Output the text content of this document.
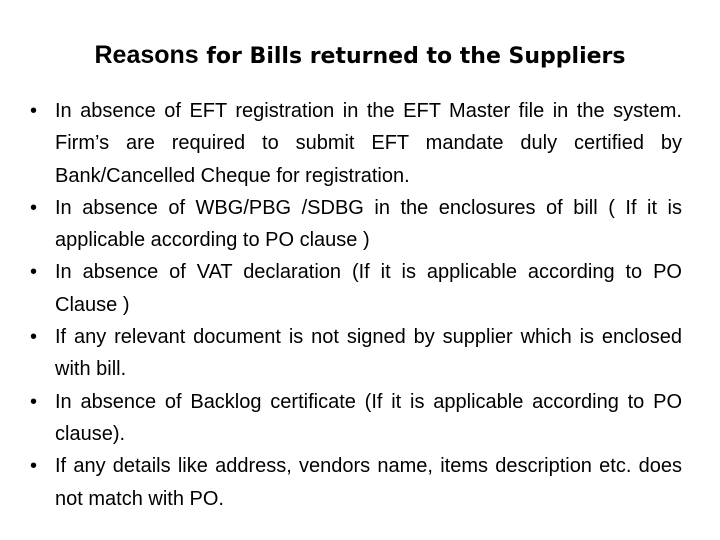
Reasons for Bills returned to the Suppliers
• In absence of EFT registration in the EFT Master file in the system. Firm’s are required to submit EFT mandate duly certified by Bank/Cancelled Cheque for registration.
• In absence of WBG/PBG /SDBG in the enclosures of bill ( If it is applicable according to PO clause )
• In absence of VAT declaration (If it is applicable according to PO Clause )
• If any relevant document is not signed by supplier which is enclosed with bill.
• In absence of Backlog certificate (If it is applicable according to PO clause).
• If any details like address, vendors name, items description etc. does not match with PO.
